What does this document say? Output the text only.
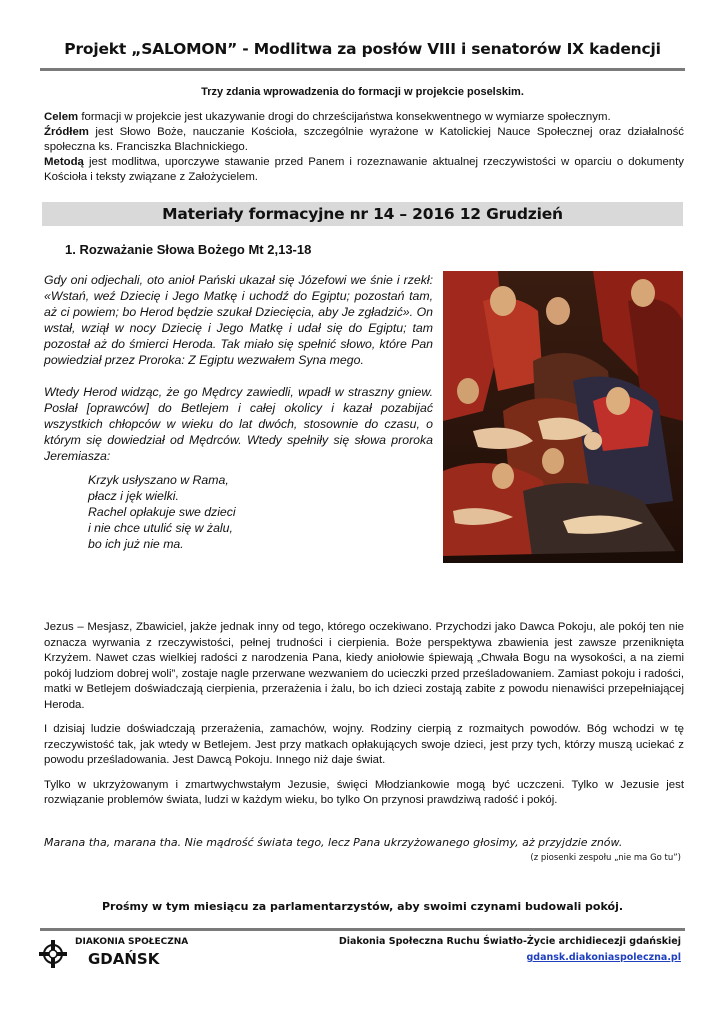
Projekt „SALOMON” - Modlitwa za posłów VIII i senatorów IX kadencji
Trzy zdania wprowadzenia do formacji w projekcie poselskim.

Celem formacji w projekcie jest ukazywanie drogi do chrześcijaństwa konsekwentnego w wymiarze społecznym.

Źródłem jest Słowo Boże, nauczanie Kościoła, szczególnie wyrażone w Katolickiej Nauce Społecznej oraz działalność społeczna ks. Franciszka Blachnickiego.

Metodą jest modlitwa, uporczywe stawanie przed Panem i rozeznawanie aktualnej rzeczywistości w oparciu o dokumenty Kościoła i teksty związane z Założycielem.

Materiały formacyjne nr 14 – 2016 12 Grudzień
1. Rozważanie Słowa Bożego Mt 2,13-18

Gdy oni odjechali, oto anioł Pański ukazał się Józefowi we śnie i rzekł: «Wstań, weź Dziecię i Jego Matkę i uchodź do Egiptu; pozostań tam, aż ci powiem; bo Herod będzie szukał Dziecięcia, aby Je zgładzić». On wstał, wziął w nocy Dziecię i Jego Matkę i udał się do Egiptu; tam pozostał aż do śmierci Heroda. Tak miało się spełnić słowo, które Pan powiedział przez Proroka: Z Egiptu wezwałem Syna mego.

Wtedy Herod widząc, że go Mędrcy zawiedli, wpadł w straszny gniew. Posłał [oprawców] do Betlejem i całej okolicy i kazał pozabijać wszystkich chłopców w wieku do lat dwóch, stosownie do czasu, o którym się dowiedział od Mędrców. Wtedy spełniły się słowa proroka Jeremiasza:

Krzyk usłyszano w Rama,
płacz i jęk wielki.
Rachel opłakuje swe dzieci
i nie chce utulić się w żalu,
bo ich już nie ma.

Jezus – Mesjasz, Zbawiciel, jakże jednak inny od tego, którego oczekiwano. Przychodzi jako Dawca Pokoju, ale pokój ten nie oznacza wyrwania z rzeczywistości, pełnej trudności i cierpienia. Boże perspektywa zbawienia jest zawsze przeniknięta Krzyżem. Nawet czas wielkiej radości z narodzenia Pana, kiedy aniołowie śpiewają „Chwała Bogu na wysokości, a na ziemi pokój ludziom dobrej woli”, zostaje nagle przerwane wezwaniem do ucieczki przed prześladowaniem. Zamiast pokoju i radości, matki w Betlejem doświadczają cierpienia, przerażenia i żalu, bo ich dzieci zostają zabite z powodu nienawiści przepełniającej Heroda.

I dzisiaj ludzie doświadczają przerażenia, zamachów, wojny. Rodziny cierpią z rozmaitych powodów. Bóg wchodzi w tę rzeczywistość tak, jak wtedy w Betlejem. Jest przy matkach opłakujących swoje dzieci, jest przy tych, którzy muszą uciekać z powodu prześladowania. Jest Dawcą Pokoju. Innego niż daje świat.

Tylko w ukrzyżowanym i zmartwychwstałym Jezusie, święci Młodziankowie mogą być uczczeni. Tylko w Jezusie jest rozwiązanie problemów świata, ludzi w każdym wieku, bo tylko On przynosi prawdziwą radość i pokój.

Marana tha, marana tha. Nie mądrość świata tego, lecz Pana ukrzyżowanego głosimy, aż przyjdzie znów.
(z piosenki zespołu „nie ma Go tu”)
Prośmy w tym miesiącu za parlamentarzystów, aby swoimi czynami budowali pokój.
DIAKONIA SPOŁECZNA
GDAŃSK
Diakonia Społeczna Ruchu Światło-Życie archidiecezji gdańskiej
gdansk.diakoniaspoleczna.pl
